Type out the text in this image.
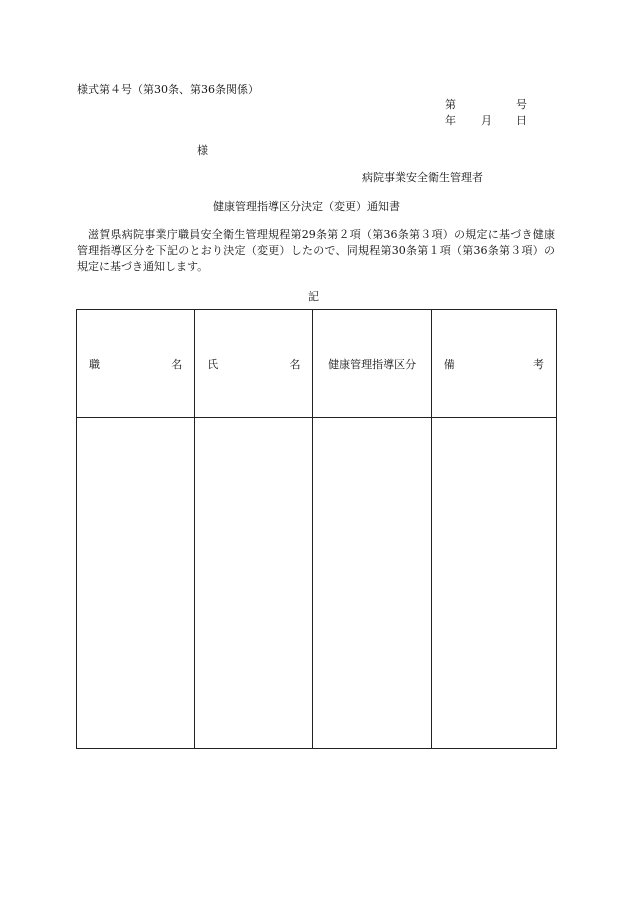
様式第４号（第30条、第36条関係）
第	号
年 月 日
様
病院事業安全衛生管理者
健康管理指導区分決定（変更）通知書
滋賀県病院事業庁職員安全衛生管理規程第29条第２項（第36条第３項）の規定に基づき健康管理指導区分を下記のとおり決定（変更）したので、同規程第30条第１項（第36条第３項）の規定に基づき通知します。
記
職 名	氏 名	健康管理指導区分	備 考
